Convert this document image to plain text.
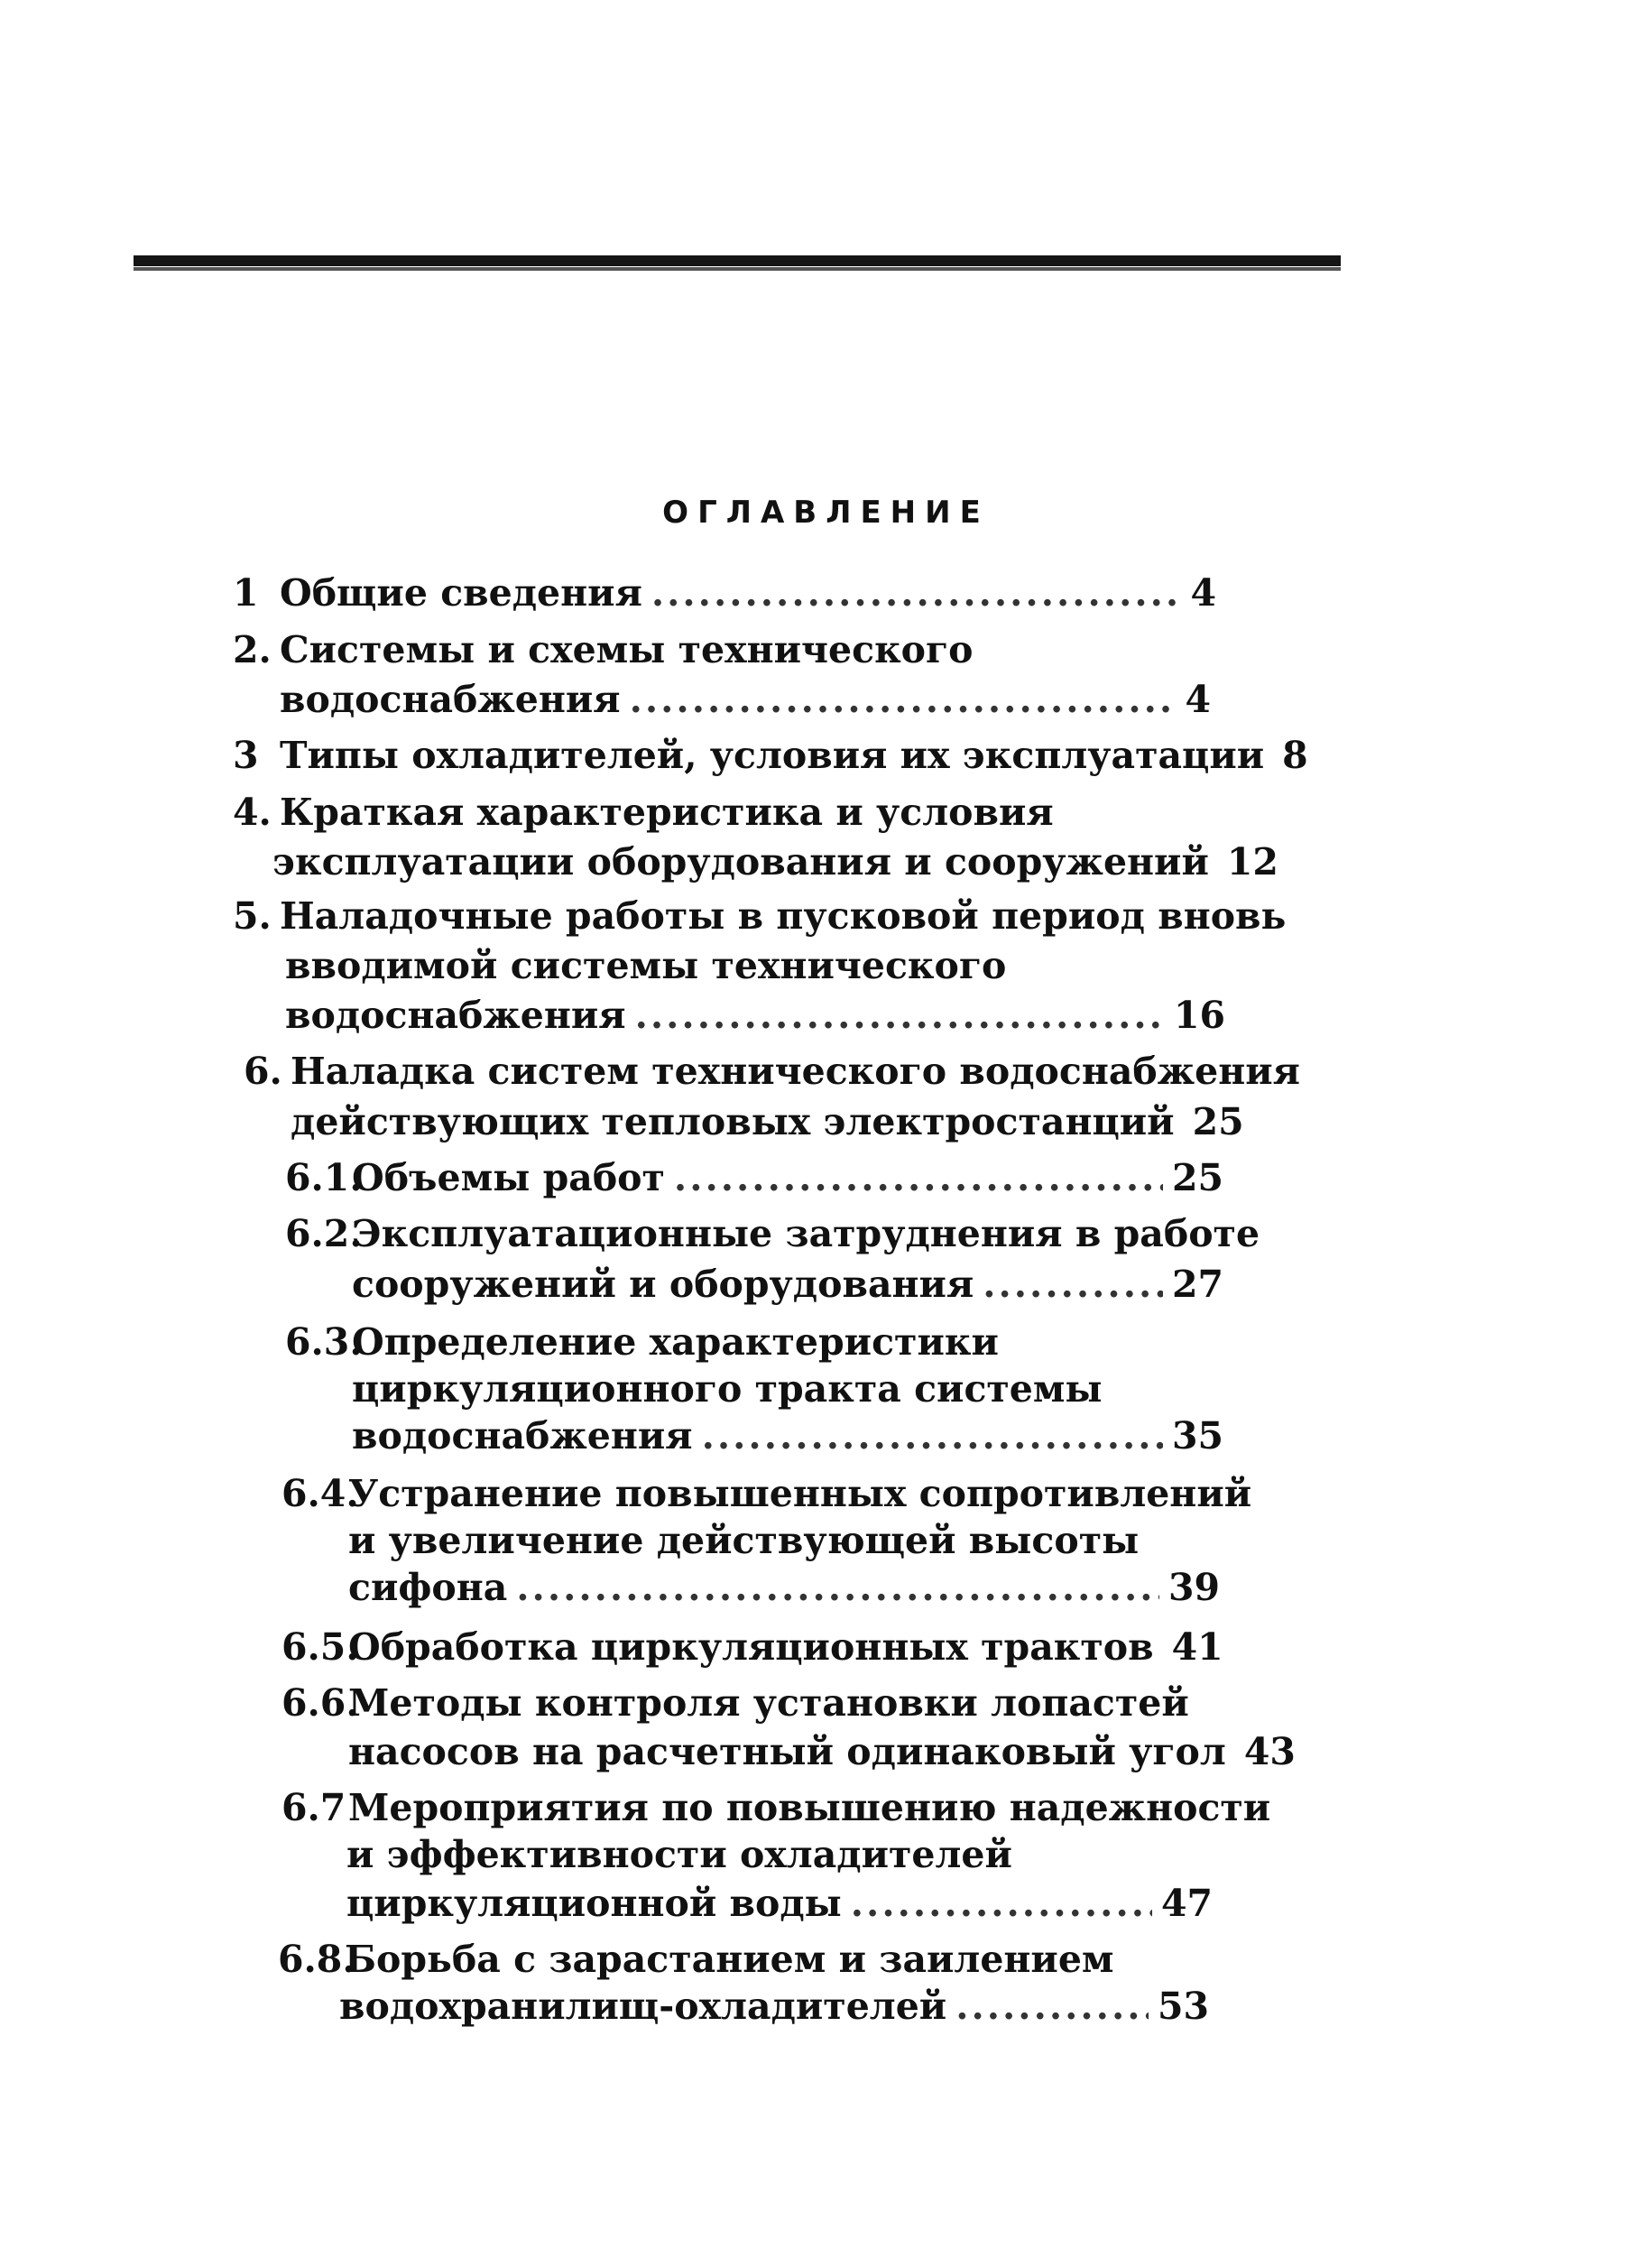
ОГЛАВЛЕНИЕ
1 Общие сведения .....	4
2. Системы и схемы технического
водоснабжения .....	4
3 Типы охладителей, условия их эксплуатации 8
4. Краткая характеристика и условия
эксплуатации оборудования и сооружений 12
5. Наладочные работы в пусковой период вновь
вводимой системы технического
водоснабжения .....	16
6. Наладка систем технического водоснабжения
действующих тепловых электростанций 25
6.1.Объемы работ .....	25
6.2.Эксплуатационные затруднения в работе
сооружений и оборудования .....	27
6.3.Определение характеристики
циркуляционного тракта системы
водоснабжения .....	35
6.4.Устранение повышенных сопротивлений
и увеличение действующей высоты
сифона .....	39
6.5.Обработка циркуляционных трактов 41
6.6.Методы контроля установки лопастей
насосов на расчетный одинаковый угол 43
6.7Мероприятия по повышению надежности
и эффективности охладителей
циркуляционной воды .....	47
6.8.Борьба с зарастанием и заилением
водохранилищ-охладителей .....	53
